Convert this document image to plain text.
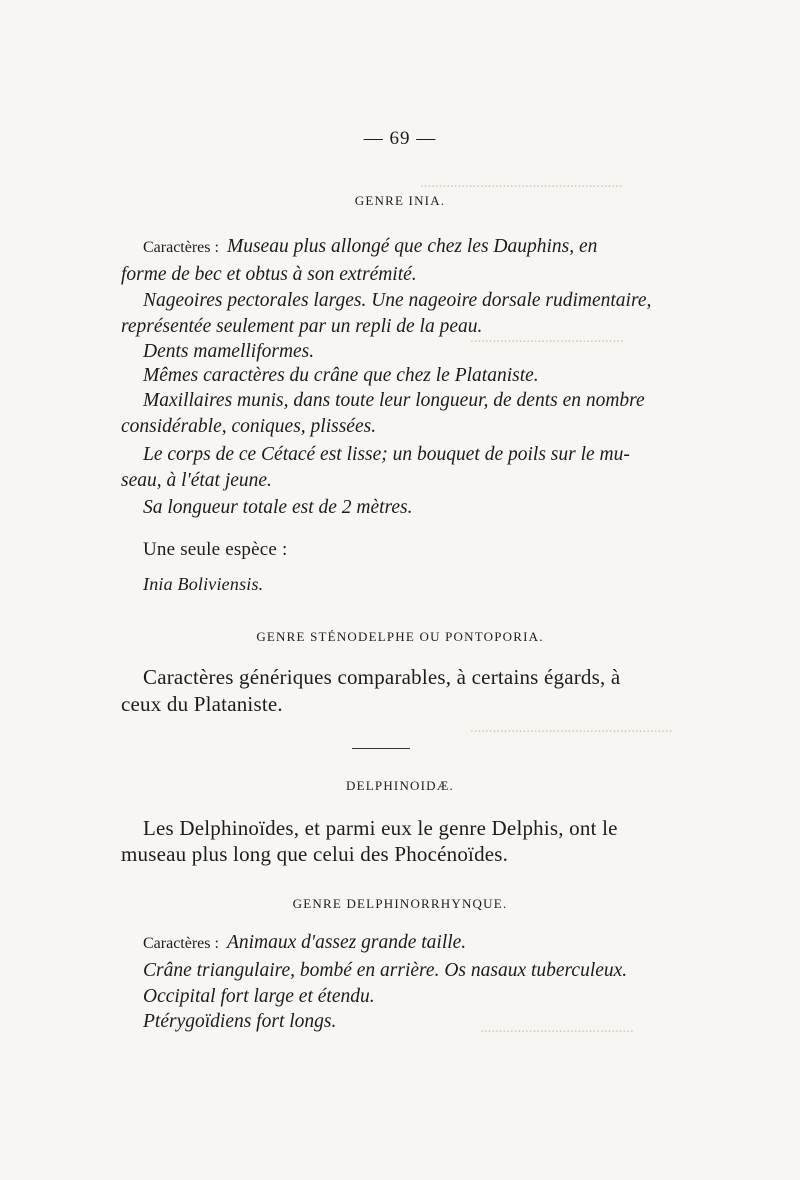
......................................................
.........................................
......................................................
.........................................
— 69 —
GENRE INIA.
Caractères : Museau plus allongé que chez les Dauphins, en
forme de bec et obtus à son extrémité.
Nageoires pectorales larges. Une nageoire dorsale rudimentaire,
représentée seulement par un repli de la peau.
Dents mamelliformes.
Mêmes caractères du crâne que chez le Plataniste.
Maxillaires munis, dans toute leur longueur, de dents en nombre
considérable, coniques, plissées.
Le corps de ce Cétacé est lisse; un bouquet de poils sur le mu-
seau, à l'état jeune.
Sa longueur totale est de 2 mètres.
Une seule espèce :
Inia Boliviensis.
GENRE STÉNODELPHE OU PONTOPORIA.
Caractères génériques comparables, à certains égards, à
ceux du Plataniste.
DELPHINOIDÆ.
Les Delphinoïdes, et parmi eux le genre Delphis, ont le
museau plus long que celui des Phocénoïdes.
GENRE DELPHINORRHYNQUE.
Caractères : Animaux d'assez grande taille.
Crâne triangulaire, bombé en arrière. Os nasaux tuberculeux.
Occipital fort large et étendu.
Ptérygoïdiens fort longs.
